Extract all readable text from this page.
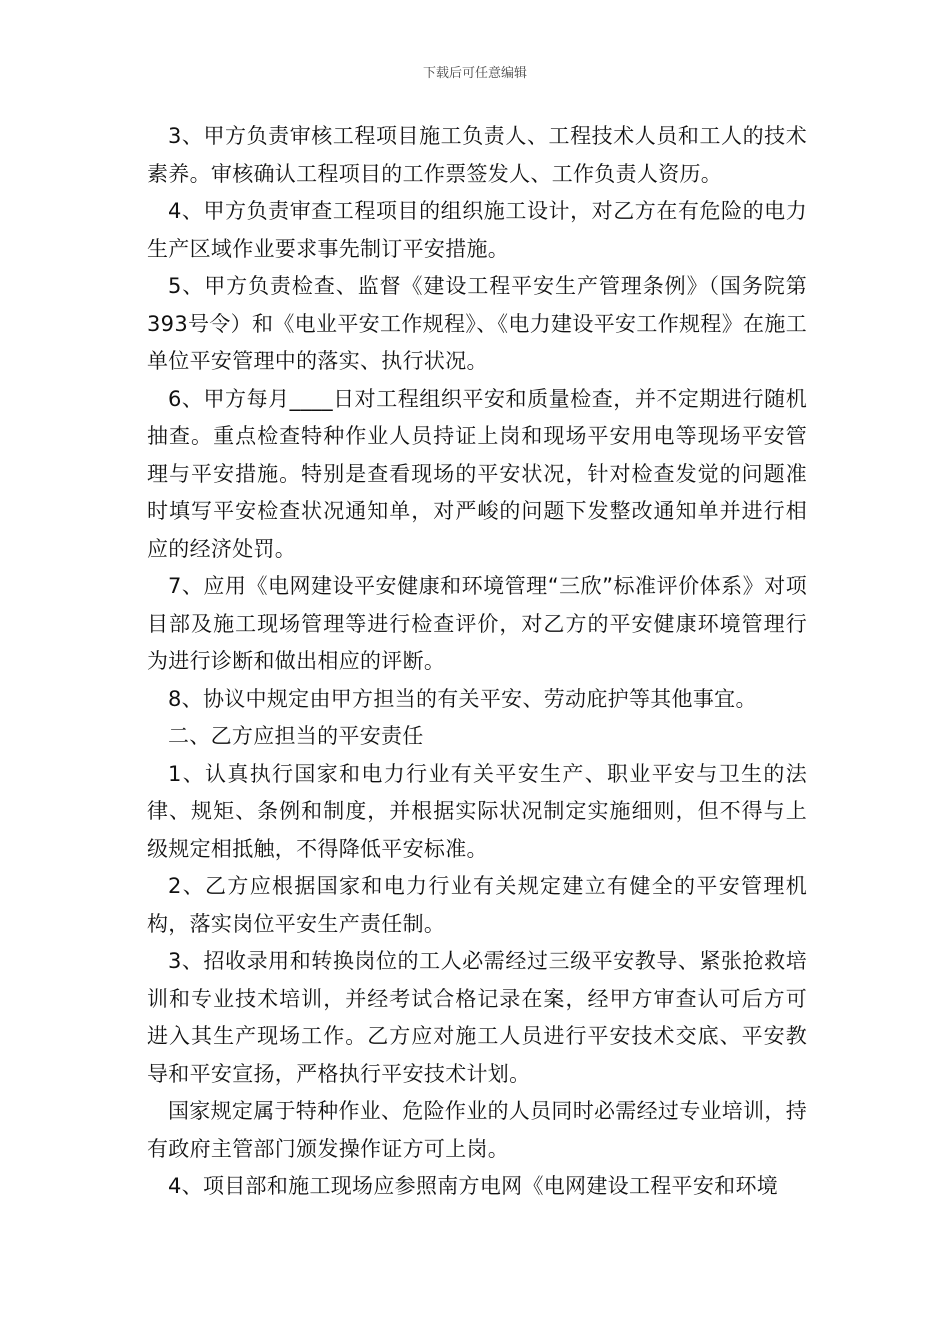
下载后可任意编辑

3、甲方负责审核工程项目施工负责人、工程技术人员和工人的技术素养。审核确认工程项目的工作票签发人、工作负责人资历。

4、甲方负责审查工程项目的组织施工设计，对乙方在有危险的电力生产区域作业要求事先制订平安措施。

5、甲方负责检查、监督《建设工程平安生产管理条例》（国务院第393号令）和《电业平安工作规程》、《电力建设平安工作规程》在施工单位平安管理中的落实、执行状况。

6、甲方每月____日对工程组织平安和质量检查，并不定期进行随机抽查。重点检查特种作业人员持证上岗和现场平安用电等现场平安管理与平安措施。特别是查看现场的平安状况，针对检查发觉的问题准时填写平安检查状况通知单，对严峻的问题下发整改通知单并进行相应的经济处罚。

7、应用《电网建设平安健康和环境管理“三欣”标准评价体系》对项目部及施工现场管理等进行检查评价，对乙方的平安健康环境管理行为进行诊断和做出相应的评断。

8、协议中规定由甲方担当的有关平安、劳动庇护等其他事宜。

二、乙方应担当的平安责任

1、认真执行国家和电力行业有关平安生产、职业平安与卫生的法律、规矩、条例和制度，并根据实际状况制定实施细则，但不得与上级规定相抵触，不得降低平安标准。

2、乙方应根据国家和电力行业有关规定建立有健全的平安管理机构，落实岗位平安生产责任制。

3、招收录用和转换岗位的工人必需经过三级平安教导、紧张抢救培训和专业技术培训，并经考试合格记录在案，经甲方审查认可后方可进入其生产现场工作。乙方应对施工人员进行平安技术交底、平安教导和平安宣扬，严格执行平安技术计划。

国家规定属于特种作业、危险作业的人员同时必需经过专业培训，持有政府主管部门颁发操作证方可上岗。

4、项目部和施工现场应参照南方电网《电网建设工程平安和环境
